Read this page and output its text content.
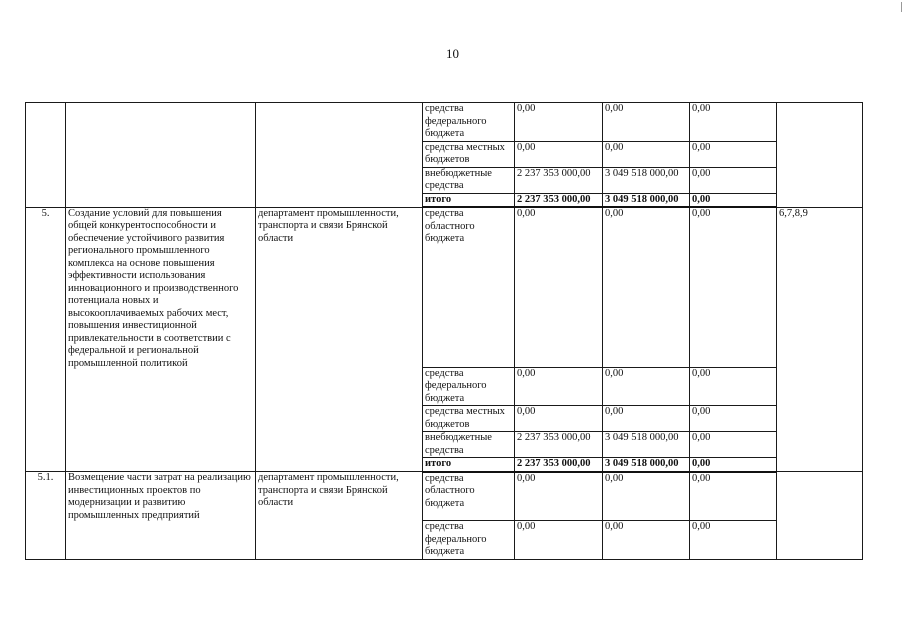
10
			средства федерального бюджета	0,00	0,00	0,00	
			средства местных бюджетов	0,00	0,00	0,00	
			внебюджетные средства	2 237 353 000,00	3 049 518 000,00	0,00	
			итого	2 237 353 000,00	3 049 518 000,00	0,00	
5.	Создание условий для повышения общей конкурентоспособности и обеспечение устойчивого развития регионального промышленного комплекса на основе повышения эффективности использования инновационного и производственного потенциала новых и высокооплачиваемых рабочих мест, повышения инвестиционной привлекательности в соответствии с федеральной и региональной промышленной политикой	департамент промышленности, транспорта и связи Брянской области	средства областного бюджета	0,00	0,00	0,00	6,7,8,9
			средства федерального бюджета	0,00	0,00	0,00	
			средства местных бюджетов	0,00	0,00	0,00	
			внебюджетные средства	2 237 353 000,00	3 049 518 000,00	0,00	
			итого	2 237 353 000,00	3 049 518 000,00	0,00	
5.1.	Возмещение части затрат на реализацию инвестиционных проектов по модернизации и развитию промышленных предприятий	департамент промышленности, транспорта и связи Брянской области	средства областного бюджета	0,00	0,00	0,00	
			средства федерального бюджета	0,00	0,00	0,00	
